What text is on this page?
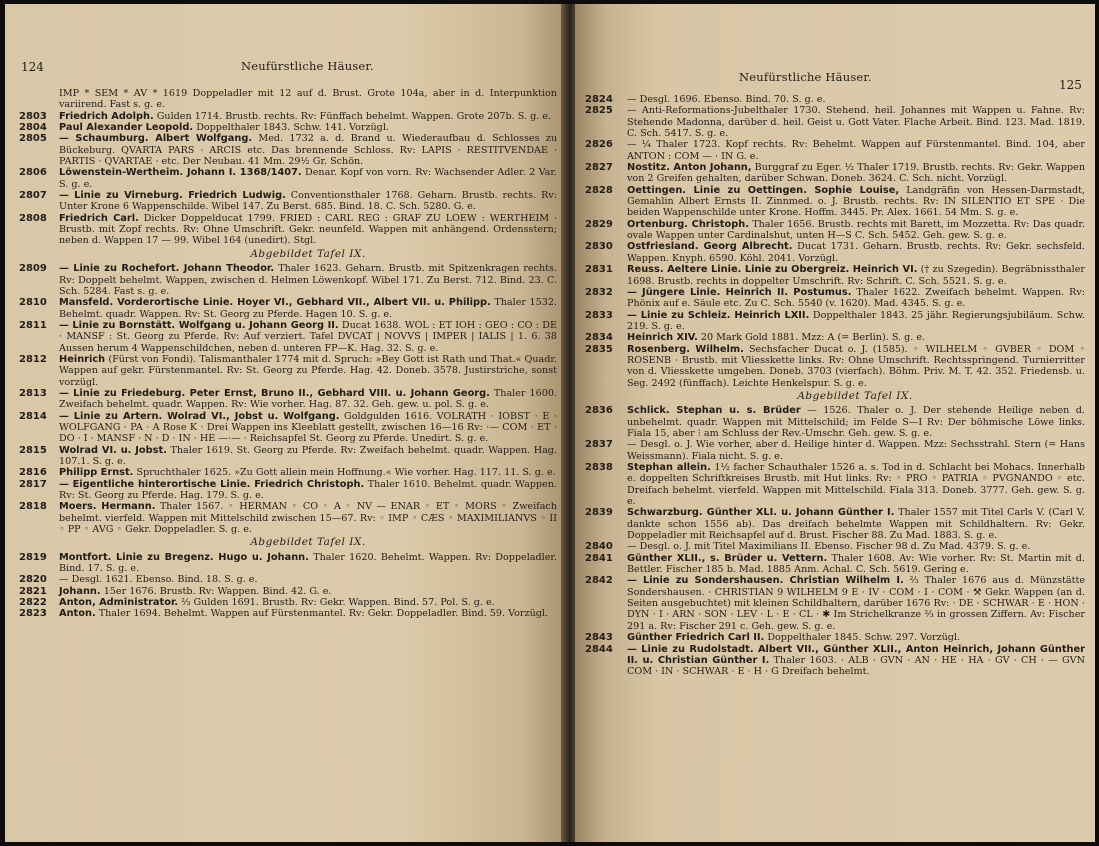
124	Neufürstliche Häuser.
IMP * SEM * AV * 1619 Doppeladler mit 12 auf d. Brust. Grote 104a, aber in d. Interpunktion variirend. Fast s. g. e.
2803 Friedrich Adolph. Gulden 1714. Brustb. rechts. Rv: Fünffach behelmt. Wappen. Grote 207b. S. g. e.
2804 Paul Alexander Leopold. Doppelthaler 1843. Schw. 141. Vorzügl.
2805 — Schaumburg. Albert Wolfgang. Med. 1732 a. d. Brand u. Wiederaufbau d. Schlosses zu Bückeburg. QVARTA PARS · ARCIS etc. Das brennende Schloss. Rv: LAPIS · RESTITVENDAE · PARTIS · QVARTAE · etc. Der Neubau. 41 Mm. 29½ Gr. Schön.
2806 Löwenstein-Wertheim. Johann I. 1368/1407. Denar. Kopf von vorn. Rv: Wachsender Adler. 2 Var. S. g. e.
2807 — Linie zu Virneburg. Friedrich Ludwig. Conventionsthaler 1768. Geharn. Brustb. rechts. Rv: Unter Krone 6 Wappenschilde. Wibel 147. Zu Berst. 685. Bind. 18. C. Sch. 5280. G. e.
2808 Friedrich Carl. Dicker Doppelducat 1799. FRIED : CARL REG : GRAF ZU LOEW : WERTHEIM · Brustb. mit Zopf rechts. Rv: Ohne Umschrift. Gekr. neunfeld. Wappen mit anhängend. Ordensstern; neben d. Wappen 17 — 99. Wibel 164 (unedirt). Stgl.
Abgebildet Tafel IX.
2809 — Linie zu Rochefort. Johann Theodor. Thaler 1623. Geharn. Brustb. mit Spitzenkragen rechts. Rv: Doppelt behelmt. Wappen, zwischen d. Helmen Löwenkopf. Wibel 171. Zu Berst. 712. Bind. 23. C. Sch. 5284. Fast s. g. e.
2810 Mansfeld. Vorderortische Linie. Hoyer VI., Gebhard VII., Albert VII. u. Philipp. Thaler 1532. Behelmt. quadr. Wappen. Rv: St. Georg zu Pferde. Hagen 10. S. g. e.
2811 — Linie zu Bornstätt. Wolfgang u. Johann Georg II. Ducat 1638. WOL : ET IOH : GEO : CO : DE · MANSF : St. Georg zu Pferde. Rv: Auf verziert. Tafel DVCAT | NOVVS | IMPER | IALIS | 1. 6. 38 Aussen herum 4 Wappenschildchen, neben d. unteren FP—K. Hag. 32. S. g. e.
2812 Heinrich (Fürst von Fondi). Talismanthaler 1774 mit d. Spruch: »Bey Gott ist Rath und That.« Quadr. Wappen auf gekr. Fürstenmantel. Rv: St. Georg zu Pferde. Hag. 42. Doneb. 3578. Justirstriche, sonst vorzügl.
2813 — Linie zu Friedeburg. Peter Ernst, Bruno II., Gebhard VIII. u. Johann Georg. Thaler 1600. Zweifach behelmt. quadr. Wappen. Rv: Wie vorher. Hag. 87. 32. Geh. gew. u. pol. S. g. e.
2814 — Linie zu Artern. Wolrad VI., Jobst u. Wolfgang. Goldgulden 1616. VOLRATH · IOBST · E · WOLFGANG · PA · A Rose K · Drei Wappen ins Kleeblatt gestellt, zwischen 16—16 Rv: ·— COM · ET · DO · I · MANSF · N · D · IN · HE —·— · Reichsapfel St. Georg zu Pferde. Unedirt. S. g. e.
2815 Wolrad VI. u. Jobst. Thaler 1619. St. Georg zu Pferde. Rv: Zweifach behelmt. quadr. Wappen. Hag. 107.1. S. g. e.
2816 Philipp Ernst. Spruchthaler 1625. »Zu Gott allein mein Hoffnung.« Wie vorher. Hag. 117. 11. S. g. e.
2817 — Eigentliche hinterortische Linie. Friedrich Christoph. Thaler 1610. Behelmt. quadr. Wappen. Rv: St. Georg zu Pferde. Hag. 179. S. g. e.
2818 Moers. Hermann. Thaler 1567. ◦ HERMAN ◦ CO ◦ A ◦ NV — ENAR ◦ ET ◦ MORS ◦ Zweifach behelmt. vierfeld. Wappen mit Mittelschild zwischen 15—67. Rv: ◦ IMP ◦ CÆS ◦ MAXIMILIANVS ◦ II ◦ PP ◦ AVG ◦ Gekr. Doppeladler. S. g. e.
Abgebildet Tafel IX.
2819 Montfort. Linie zu Bregenz. Hugo u. Johann. Thaler 1620. Behelmt. Wappen. Rv: Doppeladler. Bind. 17. S. g. e.
2820 — Desgl. 1621. Ebenso. Bind. 18. S. g. e.
2821 Johann. 15er 1676. Brustb. Rv: Wappen. Bind. 42. G. e.
2822 Anton, Administrator. ⅔ Gulden 1691. Brustb. Rv: Gekr. Wappen. Bind. 57. Pol. S. g. e.
2823 Anton. Thaler 1694. Behelmt. Wappen auf Fürstenmantel. Rv: Gekr. Doppeladler. Bind. 59. Vorzügl.
Neufürstliche Häuser.
125
2824 — Desgl. 1696. Ebenso. Bind. 70. S. g. e.
2825 — Anti-Reformations-Jubelthaler 1730. Stehend. heil. Johannes mit Wappen u. Fahne. Rv: Stehende Madonna, darüber d. heil. Geist u. Gott Vater. Flache Arbeit. Bind. 123. Mad. 1819. C. Sch. 5417. S. g. e.
2826 — ¼ Thaler 1723. Kopf rechts. Rv: Behelmt. Wappen auf Fürstenmantel. Bind. 104, aber ANTON : COM — · IN G. e.
2827 Nostitz. Anton Johann, Burggraf zu Eger. ½ Thaler 1719. Brustb. rechts. Rv: Gekr. Wappen von 2 Greifen gehalten, darüber Schwan. Doneb. 3624. C. Sch. nicht. Vorzügl.
2828 Oettingen. Linie zu Oettingen. Sophie Louise, Landgräfin von Hessen-Darmstadt, Gemahlin Albert Ernsts II. Zinnmed. o. J. Brustb. rechts. Rv: IN SILENTIO ET SPE · Die beiden Wappenschilde unter Krone. Hoffm. 3445. Pr. Alex. 1661. 54 Mm. S. g. e.
2829 Ortenburg. Christoph. Thaler 1656. Brustb. rechts mit Barett, im Mozzetta. Rv: Das quadr. ovale Wappen unter Cardinalshut, unten H—S C. Sch. 5452. Geh. gew. S. g. e.
2830 Ostfriesland. Georg Albrecht. Ducat 1731. Geharn. Brustb. rechts. Rv: Gekr. sechsfeld. Wappen. Knyph. 6590. Köhl. 2041. Vorzügl.
2831 Reuss. Aeltere Linie. Linie zu Obergreiz. Heinrich VI. († zu Szegedin). Begräbnissthaler 1698. Brustb. rechts in doppelter Umschrift. Rv: Schrift. C. Sch. 5521. S. g. e.
2832 — Jüngere Linie. Heinrich II. Postumus. Thaler 1622. Zweifach behelmt. Wappen. Rv: Phönix auf e. Säule etc. Zu C. Sch. 5540 (v. 1620). Mad. 4345. S. g. e.
2833 — Linie zu Schleiz. Heinrich LXII. Doppelthaler 1843. 25 jähr. Regierungsjubiläum. Schw. 219. S. g. e.
2834 Heinrich XIV. 20 Mark Gold 1881. Mzz: A (= Berlin). S. g. e.
2835 Rosenberg. Wilhelm. Sechsfacher Ducat o. J. (1585). ◦ WILHELM ◦ GVBER ◦ DOM ◦ ROSENB · Brustb. mit Vliesskette links. Rv: Ohne Umschrift. Rechtsspringend. Turnierritter von d. Vliesskette umgeben. Doneb. 3703 (vierfach). Böhm. Priv. M. T. 42. 352. Friedensb. u. Seg. 2492 (fünffach). Leichte Henkelspur. S. g. e.
Abgebildet Tafel IX.
2836 Schlick. Stephan u. s. Brüder — 1526. Thaler o. J. Der stehende Heilige neben d. unbehelmt. quadr. Wappen mit Mittelschild; im Felde S—I Rv: Der böhmische Löwe links. Fiala 15, aber ⁝ am Schluss der Rev.-Umschr. Geh. gew. S. g. e.
2837 — Desgl. o. J. Wie vorher, aber d. Heilige hinter d. Wappen. Mzz: Sechsstrahl. Stern (= Hans Weissmann). Fiala nicht. S. g. e.
2838 Stephan allein. 1½ facher Schauthaler 1526 a. s. Tod in d. Schlacht bei Mohacs. Innerhalb e. doppelten Schriftkreises Brustb. mit Hut links. Rv: ◦ PRO ◦ PATRIA ◦ PVGNANDO ◦ etc. Dreifach behelmt. vierfeld. Wappen mit Mittelschild. Fiala 313. Doneb. 3777. Geh. gew. S. g. e.
2839 Schwarzburg. Günther XLI. u. Johann Günther I. Thaler 1557 mit Titel Carls V. (Carl V. dankte schon 1556 ab). Das dreifach behelmte Wappen mit Schildhaltern. Rv: Gekr. Doppeladler mit Reichsapfel auf d. Brust. Fischer 88. Zu Mad. 1883. S. g. e.
2840 — Desgl. o. J. mit Titel Maximilians II. Ebenso. Fischer 98 d. Zu Mad. 4379. S. g. e.
2841 Günther XLII., s. Brüder u. Vettern. Thaler 1608. Av: Wie vorher. Rv: St. Martin mit d. Bettler. Fischer 185 b. Mad. 1885 Anm. Achal. C. Sch. 5619. Gering e.
2842 — Linie zu Sondershausen. Christian Wilhelm I. ⅔ Thaler 1676 aus d. Münzstätte Sondershausen. · CHRISTIAN 9 WILHELM 9 E · IV · COM · I · COM · ⚒ Gekr. Wappen (an d. Seiten ausgebuchtet) mit kleinen Schildhaltern, darüber 1676 Rv: · DE · SCHWAR · E · HON · DYN · I · ARN · SON · LEV · L · E · CL · ✱ Im Strichelkranze ⅔ in grossen Ziffern. Av: Fischer 291 a. Rv: Fischer 291 c. Geh. gew. S. g. e.
2843 Günther Friedrich Carl II. Doppelthaler 1845. Schw. 297. Vorzügl.
2844 — Linie zu Rudolstadt. Albert VII., Günther XLII., Anton Heinrich, Johann Günther II. u. Christian Günther I. Thaler 1603. · ALB · GVN · AN · HE · HA · GV · CH · — GVN COM · IN · SCHWAR · E · H · G Dreifach behelmt.
